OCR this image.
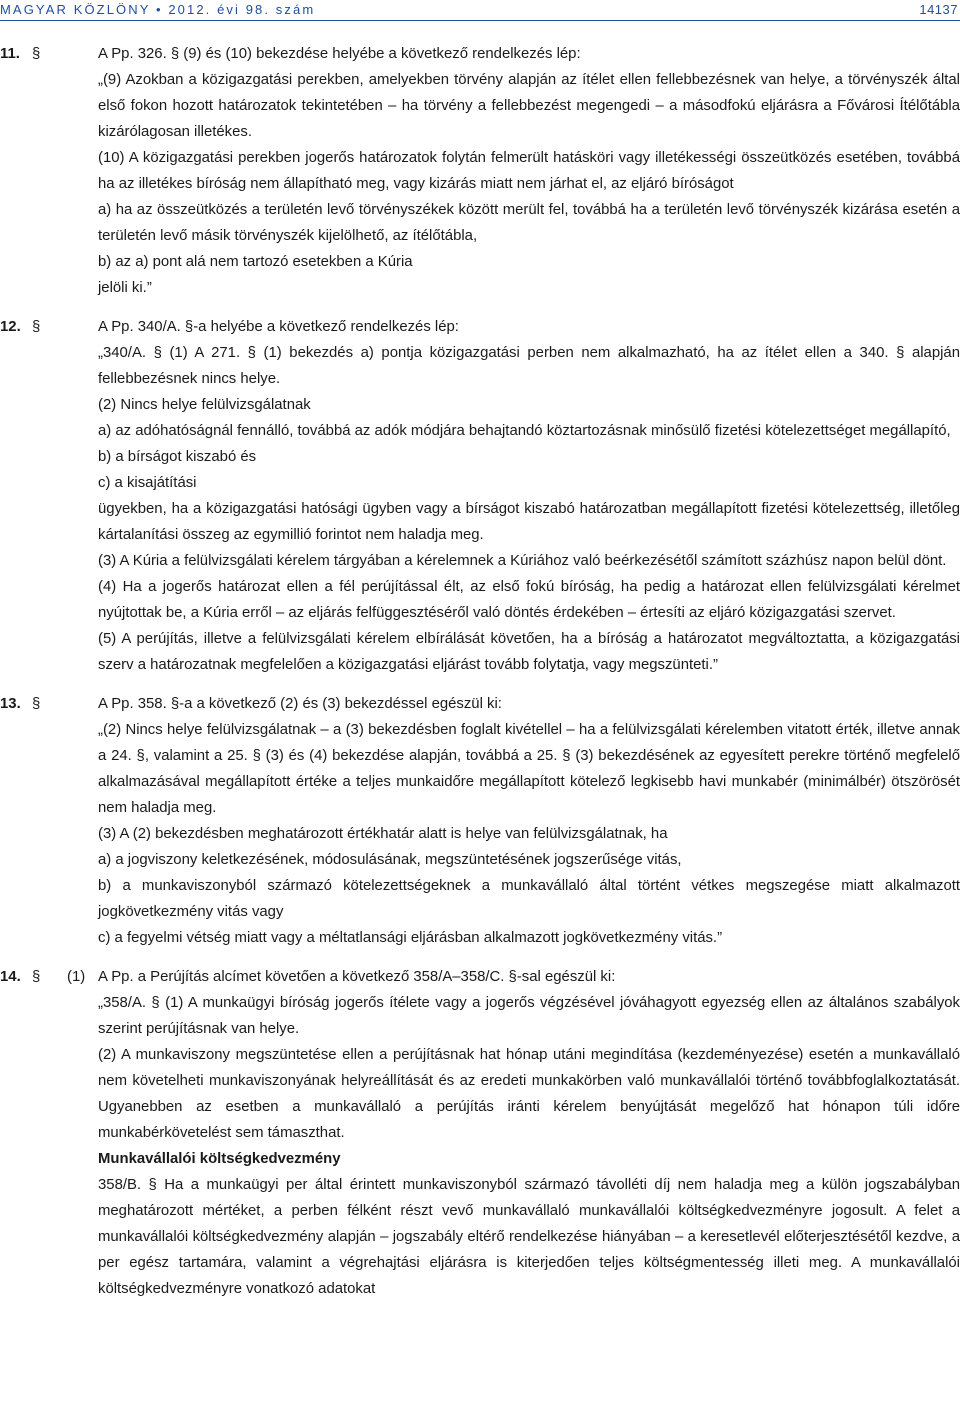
MAGYAR KÖZLÖNY • 2012. évi 98. szám	14137
11. §	A Pp. 326. § (9) és (10) bekezdése helyébe a következő rendelkezés lép:
„(9) Azokban a közigazgatási perekben, amelyekben törvény alapján az ítélet ellen fellebbezésnek van helye, a törvényszék által első fokon hozott határozatok tekintetében – ha törvény a fellebbezést megengedi – a másodfokú eljárásra a Fővárosi Ítélőtábla kizárólagosan illetékes.
(10) A közigazgatási perekben jogerős határozatok folytán felmerült hatásköri vagy illetékességi összeütközés esetében, továbbá ha az illetékes bíróság nem állapítható meg, vagy kizárás miatt nem járhat el, az eljáró bíróságot
a) ha az összeütközés a területén levő törvényszékek között merült fel, továbbá ha a területén levő törvényszék kizárása esetén a területén levő másik törvényszék kijelölhető, az ítélőtábla,
b) az a) pont alá nem tartozó esetekben a Kúria
jelöli ki.”
12. §	A Pp. 340/A. §-a helyébe a következő rendelkezés lép:
„340/A. § (1) A 271. § (1) bekezdés a) pontja közigazgatási perben nem alkalmazható, ha az ítélet ellen a 340. § alapján fellebbezésnek nincs helye.
(2) Nincs helye felülvizsgálatnak
a) az adóhatóságnál fennálló, továbbá az adók módjára behajtandó köztartozásnak minősülő fizetési kötelezettséget megállapító,
b) a bírságot kiszabó és
c) a kisajátítási
ügyekben, ha a közigazgatási hatósági ügyben vagy a bírságot kiszabó határozatban megállapított fizetési kötelezettség, illetőleg kártalanítási összeg az egymillió forintot nem haladja meg.
(3) A Kúria a felülvizsgálati kérelem tárgyában a kérelemnek a Kúriához való beérkezésétől számított százhúsz napon belül dönt.
(4) Ha a jogerős határozat ellen a fél perújítással élt, az első fokú bíróság, ha pedig a határozat ellen felülvizsgálati kérelmet nyújtottak be, a Kúria erről – az eljárás felfüggesztéséről való döntés érdekében – értesíti az eljáró közigazgatási szervet.
(5) A perújítás, illetve a felülvizsgálati kérelem elbírálását követően, ha a bíróság a határozatot megváltoztatta, a közigazgatási szerv a határozatnak megfelelően a közigazgatási eljárást tovább folytatja, vagy megszünteti.”
13. §	A Pp. 358. §-a a következő (2) és (3) bekezdéssel egészül ki:
„(2) Nincs helye felülvizsgálatnak – a (3) bekezdésben foglalt kivétellel – ha a felülvizsgálati kérelemben vitatott érték, illetve annak a 24. §, valamint a 25. § (3) és (4) bekezdése alapján, továbbá a 25. § (3) bekezdésének az egyesített perekre történő megfelelő alkalmazásával megállapított értéke a teljes munkaidőre megállapított kötelező legkisebb havi munkabér (minimálbér) ötszörösét nem haladja meg.
(3) A (2) bekezdésben meghatározott értékhatár alatt is helye van felülvizsgálatnak, ha
a) a jogviszony keletkezésének, módosulásának, megszüntetésének jogszerűsége vitás,
b) a munkaviszonyból származó kötelezettségeknek a munkavállaló által történt vétkes megszegése miatt alkalmazott jogkövetkezmény vitás vagy
c) a fegyelmi vétség miatt vagy a méltatlansági eljárásban alkalmazott jogkövetkezmény vitás.”
14. § (1) A Pp. a Perújítás alcímet követően a következő 358/A–358/C. §-sal egészül ki:
„358/A. § (1) A munkaügyi bíróság jogerős ítélete vagy a jogerős végzésével jóváhagyott egyezség ellen az általános szabályok szerint perújításnak van helye.
(2) A munkaviszony megszüntetése ellen a perújításnak hat hónap utáni megindítása (kezdeményezése) esetén a munkavállaló nem követelheti munkaviszonyának helyreállítását és az eredeti munkakörben való munkavállalói történő továbbfoglalkoztatását. Ugyanebben az esetben a munkavállaló a perújítás iránti kérelem benyújtását megelőző hat hónapon túli időre munkabérkövetelést sem támaszthat.
Munkavállalói költségkedvezmény
358/B. § Ha a munkaügyi per által érintett munkaviszonyból származó távolléti díj nem haladja meg a külön jogszabályban meghatározott mértéket, a perben félként részt vevő munkavállaló munkavállalói költségkedvezményre jogosult. A felet a munkavállalói költségkedvezmény alapján – jogszabály eltérő rendelkezése hiányában – a keresetlevél előterjesztésétől kezdve, a per egész tartamára, valamint a végrehajtási eljárásra is kiterjedően teljes költségmentesség illeti meg. A munkavállalói költségkedvezményre vonatkozó adatokat
